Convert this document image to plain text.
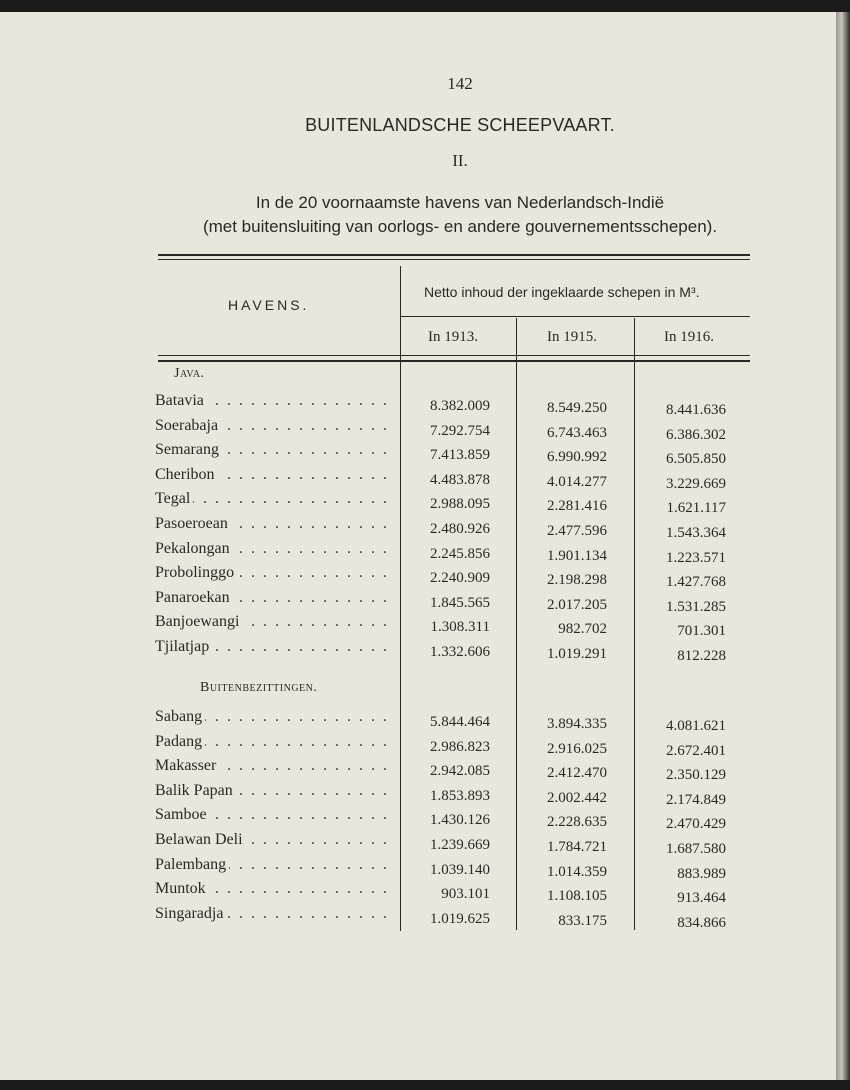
142
BUITENLANDSCHE SCHEEPVAART.
II.
In de 20 voornaamste havens van Nederlandsch-Indië
(met buitensluiting van oorlogs- en andere gouvernementsschepen).
HAVENS.
Netto inhoud der ingeklaarde schepen in M³.
In 1913.	In 1915.	In 1916.
Java.
Buitenbezittingen.
Batavia . . .	8.382.009	8.549.250	8.441.636
Soerabaja . . .	7.292.754	6.743.463	6.386.302
Semarang . . .	7.413.859	6.990.992	6.505.850
Cheribon . . .	4.483.878	4.014.277	3.229.669
Tegal . . .	2.988.095	2.281.416	1.621.117
Pasoeroean . . .	2.480.926	2.477.596	1.543.364
Pekalongan . . .	2.245.856	1.901.134	1.223.571
Probolinggo . . .	2.240.909	2.198.298	1.427.768
Panaroekan . . .	1.845.565	2.017.205	1.531.285
Banjoewangi . . .	1.308.311	982.702	701.301
Tjilatjap . . .	1.332.606	1.019.291	812.228
Sabang . . .	5.844.464	3.894.335	4.081.621
Padang . . .	2.986.823	2.916.025	2.672.401
Makasser . . .	2.942.085	2.412.470	2.350.129
Balik Papan . . .	1.853.893	2.002.442	2.174.849
Samboe . . .	1.430.126	2.228.635	2.470.429
Belawan Deli . . .	1.239.669	1.784.721	1.687.580
Palembang . . .	1.039.140	1.014.359	883.989
Muntok . . .	903.101	1.108.105	913.464
Singaradja . . .	1.019.625	833.175	834.866
